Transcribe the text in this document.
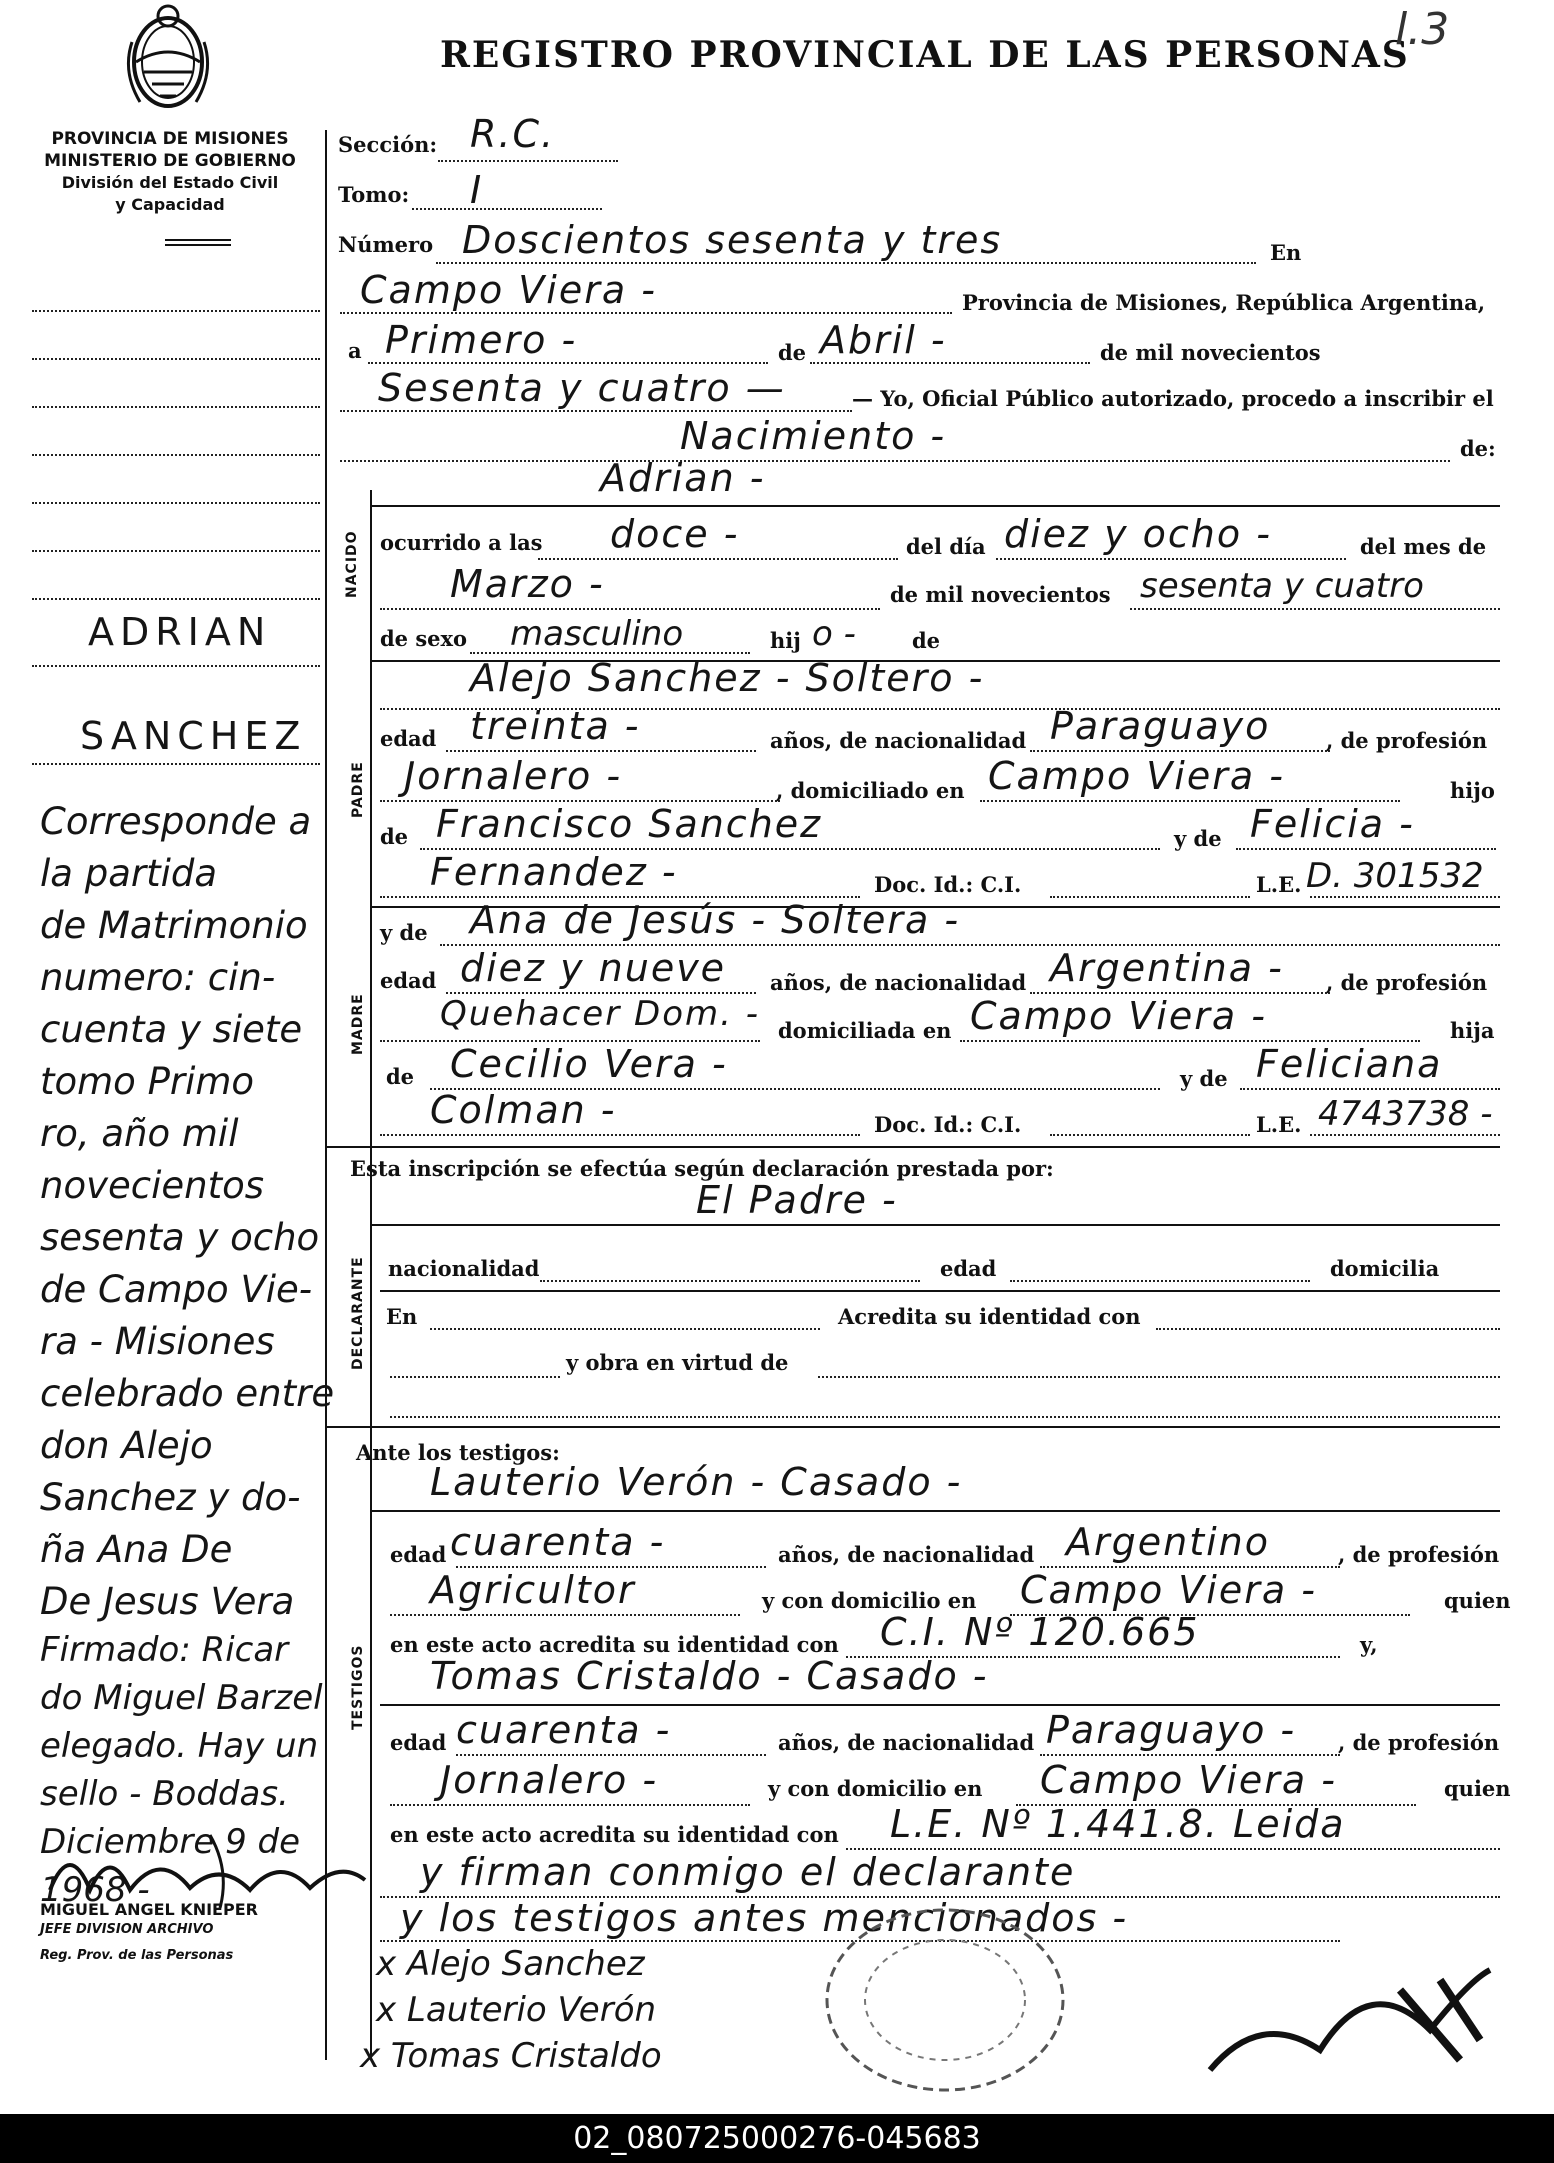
REGISTRO PROVINCIAL DE LAS PERSONAS
l.3
PROVINCIA DE MISIONES
MINISTERIO DE GOBIERNO
División del Estado Civil
y Capacidad
ADRIAN
SANCHEZ
Corresponde a
la partida
de Matrimonio
numero: cin-
cuenta y siete
tomo Primo
ro, año mil
novecientos
sesenta y ocho
de Campo Vie-
ra - Misiones
celebrado entre
don Alejo
Sanchez y do-
ña Ana De
De Jesus Vera
Firmado: Ricar
do Miguel Barzel
elegado. Hay un
sello - Boddas.
Diciembre 9 de
1968 -
MIGUEL ANGEL KNIEPER
JEFE DIVISION ARCHIVO
Reg. Prov. de las Personas
Sección: R.C.
Tomo: I
Número Doscientos sesenta y tres	En
Campo Viera -	Provincia de Misiones, República Argentina,
a Primero -	de Abril -	de mil novecientos
Sesenta y cuatro —	— Yo, Oficial Público autorizado, procedo a inscribir el
Nacimiento -	de:
Adrian -
NACIDO ocurrido a las doce -	del día diez y ocho -	del mes de
Marzo -	de mil novecientos sesenta y cuatro
de sexo masculino	hij o -	de
Alejo Sanchez - Soltero -
PADRE
edad treinta -	años, de nacionalidad Paraguayo	, de profesión
Jornalero -	, domiciliado en Campo Viera -	hijo
de Francisco Sanchez	y de Felicia -
Fernandez -	Doc. Id.: C.I.	L.E. D. 301532
y de Ana de Jesús - Soltera -
MADRE
edad diez y nueve años, de nacionalidad Argentina - , de profesión
Quehacer Dom. - domiciliada en Campo Viera -	hija
de Cecilio Vera -	y de Feliciana
Colman -	Doc. Id.: C.I.	L.E. 4743738 -
Esta inscripción se efectúa según declaración prestada por:
El Padre -
DECLARANTE nacionalidad	edad	domicilia
En	Acredita su identidad con
y obra en virtud de
Ante los testigos:
Lauterio Verón - Casado -
TESTIGOS
edad cuarenta -	años, de nacionalidad Argentino	, de profesión
Agricultor	y con domicilio en Campo Viera -	quien
en este acto acredita su identidad con C.I. Nº 120.665	y,
Tomas Cristaldo - Casado -
edad cuarenta -	años, de nacionalidad Paraguayo - , de profesión
Jornalero -	y con domicilio en Campo Viera -	quien
en este acto acredita su identidad con L.E. Nº 1.441.8. Leida
y firman conmigo el declarante
y los testigos antes mencionados -
x Alejo Sanchez
x Lauterio Verón
x Tomas Cristaldo
02_080725000276-045683
